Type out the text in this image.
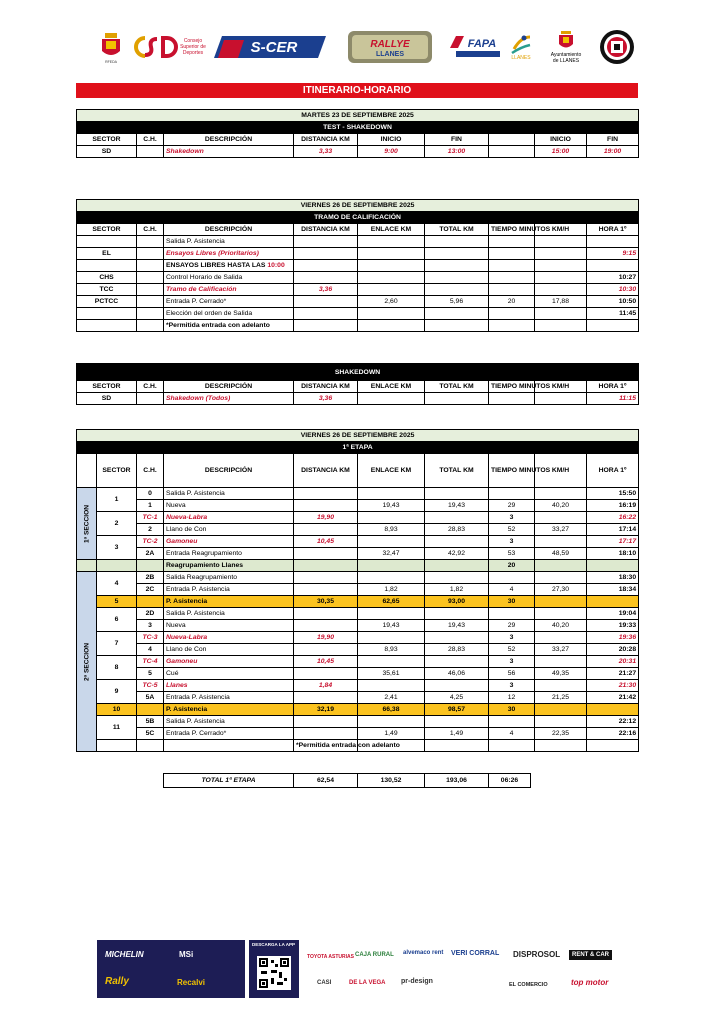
RFEDA
Consejo Superior de Deportes	S-CER	RALLYE
LLANES
FAPA
LLANES	Ayuntamiento de LLANES
ITINERARIO-HORARIO
MARTES 23 DE SEPTIEMBRE 2025								
TEST - SHAKEDOWN								
SECTOR	C.H.	DESCRIPCIÓN	DISTANCIA KM	INICIO	FIN		INICIO	FIN
SD		Shakedown	3,33	9:00	13:00		15:00	19:00
VIERNES 26 DE SEPTIEMBRE 2025								
TRAMO DE CALIFICACIÓN								
SECTOR	C.H.	DESCRIPCIÓN	DISTANCIA KM	ENLACE KM	TOTAL KM	TIEMPO MINUTOS	KM/H	HORA 1º
		Salida P. Asistencia						
EL		Ensayos Libres (Prioritarios)						9:15
		ENSAYOS LIBRES HASTA LAS 10:00						
CHS		Control Horario de Salida						10:27
TCC		Tramo de Calificación	3,36					10:30
PCTCC		Entrada P. Cerrado*		2,60	5,96	20	17,88	10:50
		Elección del orden de Salida						11:45
		*Permitida entrada con adelanto						
SHAKEDOWN								
SECTOR	C.H.	DESCRIPCIÓN	DISTANCIA KM	ENLACE KM	TOTAL KM	TIEMPO MINUTOS	KM/H	HORA 1º
SD		Shakedown (Todos)	3,36					11:15
VIERNES 26 DE SEPTIEMBRE 2025										
1ª ETAPA										
	SECTOR	C.H.	DESCRIPCIÓN	DISTANCIA KM	ENLACE KM	TOTAL KM	TIEMPO MINUTOS	KM/H	HORA 1º	

1ª SECCION	1	0	Salida P. Asistencia						15:50	
		1	Nueva		19,43	19,43	29	40,20	16:19	
	2	TC-1	Nueva-Labra	19,90			3		16:22	
		2	Llano de Con		8,93	28,83	52	33,27	17:14	
	3	TC-2	Gamoneu	10,45			3		17:17	
		2A	Entrada Reagrupamiento		32,47	42,92	53	48,59	18:10	
			Reagrupamiento Llanes				20			

2ª SECCION	4	2B	Salida Reagrupamiento						18:30	
		2C	Entrada P. Asistencia		1,82	1,82	4	27,30	18:34	
	5		P. Asistencia	30,35	62,65	93,00	30			
	6	2D	Salida P. Asistencia						19:04	
		3	Nueva		19,43	19,43	29	40,20	19:33	
	7	TC-3	Nueva-Labra	19,90			3		19:36	
		4	Llano de Con		8,93	28,83	52	33,27	20:28	
	8	TC-4	Gamoneu	10,45			3		20:31	
		5	Cué		35,61	46,06	56	49,35	21:27	
	9	TC-5	Llanes	1,84			3		21:30	
		5A	Entrada P. Asistencia		2,41	4,25	12	21,25	21:42	
	10		P. Asistencia	32,19	66,38	98,57	30			
	11	5B	Salida P. Asistencia						22:12	
		5C	Entrada P. Cerrado*		1,49	1,49	4	22,35	22:16	
				*Permitida entrada con adelanto						
TOTAL 1ª ETAPA	62,54	130,52	193,06	06:26
MICHELIN	MSi
Rally	Recalvi
DESCARGA LA APP
TOYOTA ASTURIAS CAJA RURAL alvemaco rent VERI CORRAL DISPROSOL	RENT & CAR
CASI	DE LA VEGA pr-design	EL COMERCIO	top motor
